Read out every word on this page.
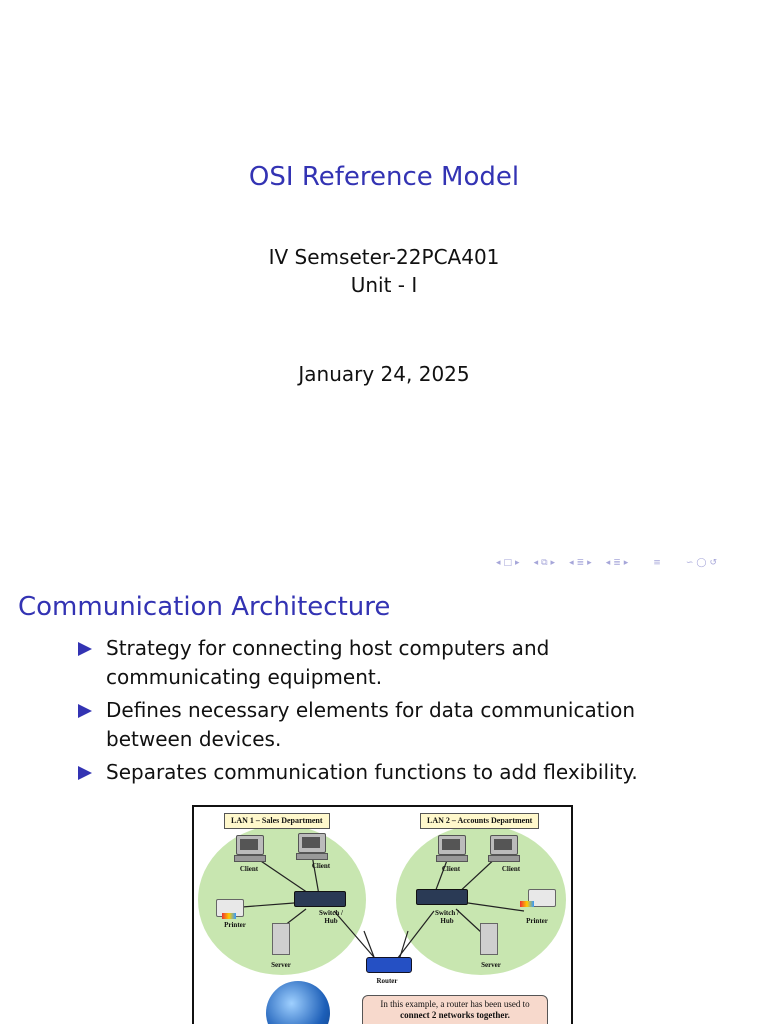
OSI Reference Model
IV Semseter-22PCA401
Unit - I
January 24, 2025
◂ □ ▸ ◂ ⧉ ▸ ◂ ≣ ▸ ◂ ≣ ▸	≡	∽ ◯ ↺
Communication Architecture
Strategy for connecting host computers and communicating equipment.
Defines necessary elements for data communication between devices.
Separates communication functions to add flexibility.
LAN 1 – Sales Department	LAN 2 – Accounts Department
Client	Client
Switch / Hub
Printer
Server
Client	Client
Switch / Hub	Printer
Server
Router
In this example, a router has been used to
connect 2 networks together.
